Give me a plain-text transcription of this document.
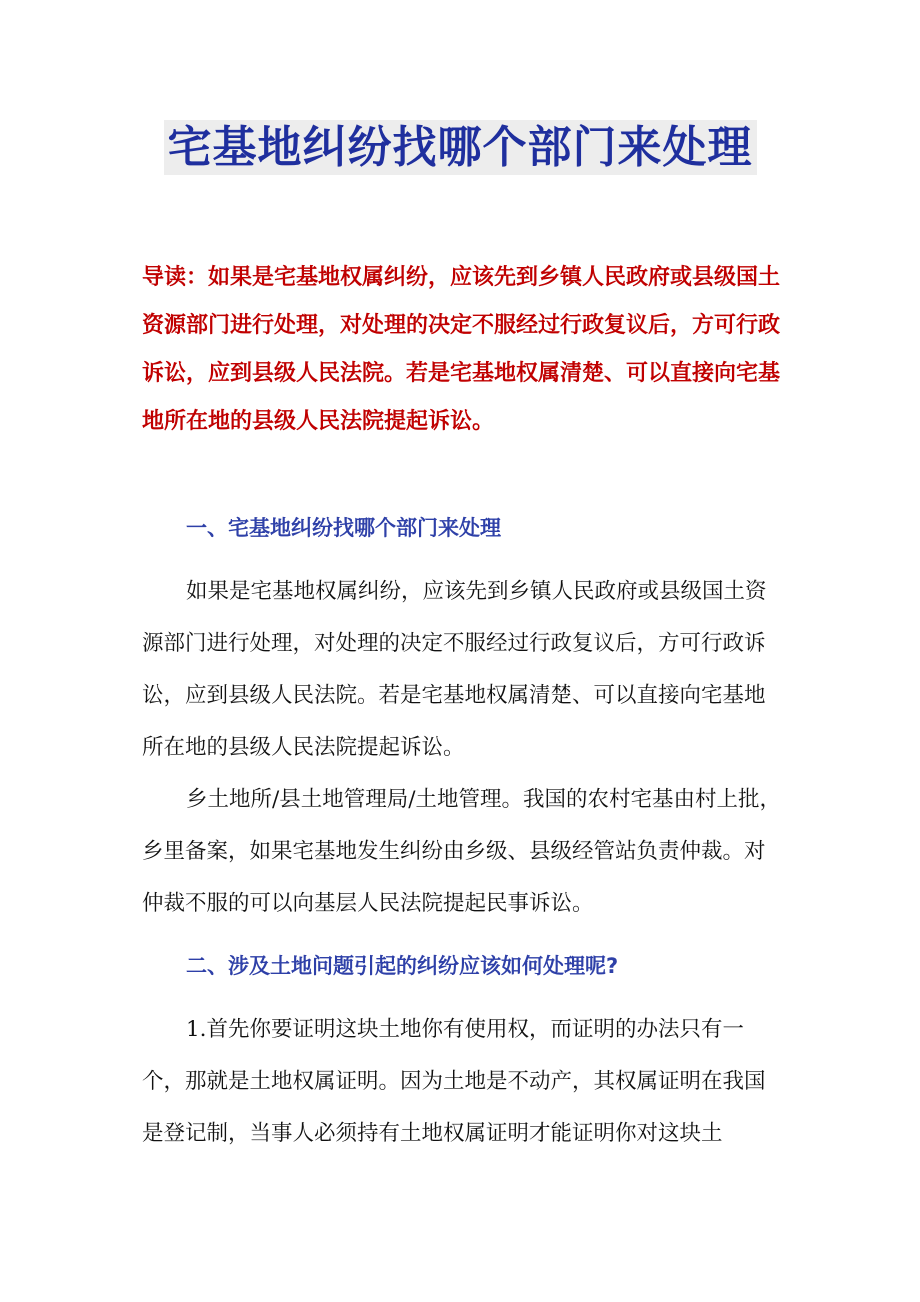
宅基地纠纷找哪个部门来处理
导读：如果是宅基地权属纠纷，应该先到乡镇人民政府或县级国土资源部门进行处理，对处理的决定不服经过行政复议后，方可行政诉讼，应到县级人民法院。若是宅基地权属清楚、可以直接向宅基地所在地的县级人民法院提起诉讼。
一、宅基地纠纷找哪个部门来处理
如果是宅基地权属纠纷，应该先到乡镇人民政府或县级国土资源部门进行处理，对处理的决定不服经过行政复议后，方可行政诉讼，应到县级人民法院。若是宅基地权属清楚、可以直接向宅基地所在地的县级人民法院提起诉讼。
乡土地所/县土地管理局/土地管理。我国的农村宅基由村上批，乡里备案，如果宅基地发生纠纷由乡级、县级经管站负责仲裁。对仲裁不服的可以向基层人民法院提起民事诉讼。
二、涉及土地问题引起的纠纷应该如何处理呢?
1.首先你要证明这块土地你有使用权，而证明的办法只有一个，那就是土地权属证明。因为土地是不动产，其权属证明在我国是登记制，当事人必须持有土地权属证明才能证明你对这块土
